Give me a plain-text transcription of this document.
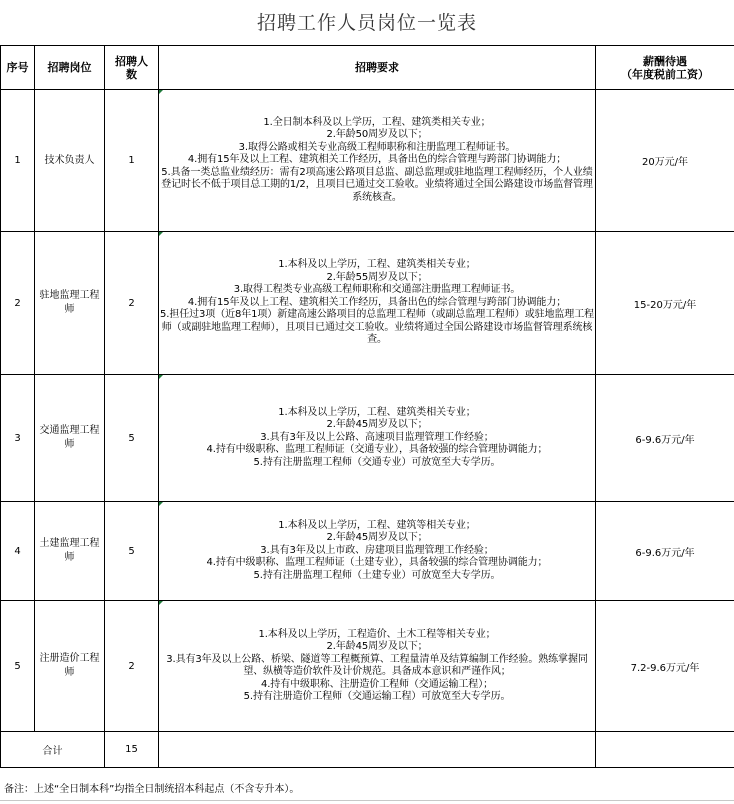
招聘工作人员岗位一览表
序号	招聘岗位	招聘人数	招聘要求	薪酬待遇
（年度税前工资）

1	技术负责人	1	1.全日制本科及以上学历，工程、建筑类相关专业；
2.年龄50周岁及以下；
3.取得公路或相关专业高级工程师职称和注册监理工程师证书。
4.拥有15年及以上工程、建筑相关工作经历，具备出色的综合管理与跨部门协调能力；
5.具备一类总监业绩经历：需有2项高速公路项目总监、副总监理或驻地监理工程师经历，个人业绩登记时长不低于项目总工期的1/2，且项目已通过交工验收。业绩将通过全国公路建设市场监督管理系统核查。	20万元/年
2	驻地监理工程师	2	1.本科及以上学历，工程、建筑类相关专业；
2.年龄55周岁及以下；
3.取得工程类专业高级工程师职称和交通部注册监理工程师证书。
4.拥有15年及以上工程、建筑相关工作经历，具备出色的综合管理与跨部门协调能力；
5.担任过3项（近8年1项）新建高速公路项目的总监理工程师（或副总监理工程师）或驻地监理工程师（或副驻地监理工程师），且项目已通过交工验收。业绩将通过全国公路建设市场监督管理系统核查。	15-20万元/年
3	交通监理工程师	5	1.本科及以上学历，工程、建筑类相关专业；
2.年龄45周岁及以下；
3.具有3年及以上公路、高速项目监理管理工作经验；
4.持有中级职称、监理工程师证（交通专业），具备较强的综合管理协调能力；
5.持有注册监理工程师（交通专业）可放宽至大专学历。	6-9.6万元/年
4	土建监理工程师	5	1.本科及以上学历，工程、建筑等相关专业；
2.年龄45周岁及以下；
3.具有3年及以上市政、房建项目监理管理工作经验；
4.持有中级职称、监理工程师证（土建专业），具备较强的综合管理协调能力；
5.持有注册监理工程师（土建专业）可放宽至大专学历。	6-9.6万元/年
5	注册造价工程师	2	1.本科及以上学历，工程造价、土木工程等相关专业；
2.年龄45周岁及以下；
3.具有3年及以上公路、桥梁、隧道等工程概预算、工程量清单及结算编制工作经验。熟练掌握同望、纵横等造价软件及计价规范。具备成本意识和严谨作风；
4.持有中级职称、注册造价工程师（交通运输工程）；
5.持有注册造价工程师（交通运输工程）可放宽至大专学历。	7.2-9.6万元/年
合计		15		
备注：上述“全日制本科”均指全日制统招本科起点（不含专升本）。
